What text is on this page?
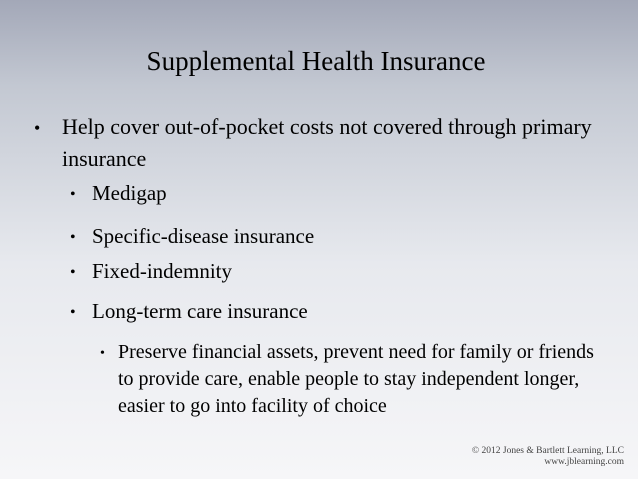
Supplemental Health Insurance
• Help cover out-of-pocket costs not covered through primary insurance
• Medigap
• Specific-disease insurance
• Fixed-indemnity
• Long-term care insurance
• Preserve financial assets, prevent need for family or friends to provide care, enable people to stay independent longer, easier to go into facility of choice
© 2012 Jones & Bartlett Learning, LLC
www.jblearning.com
